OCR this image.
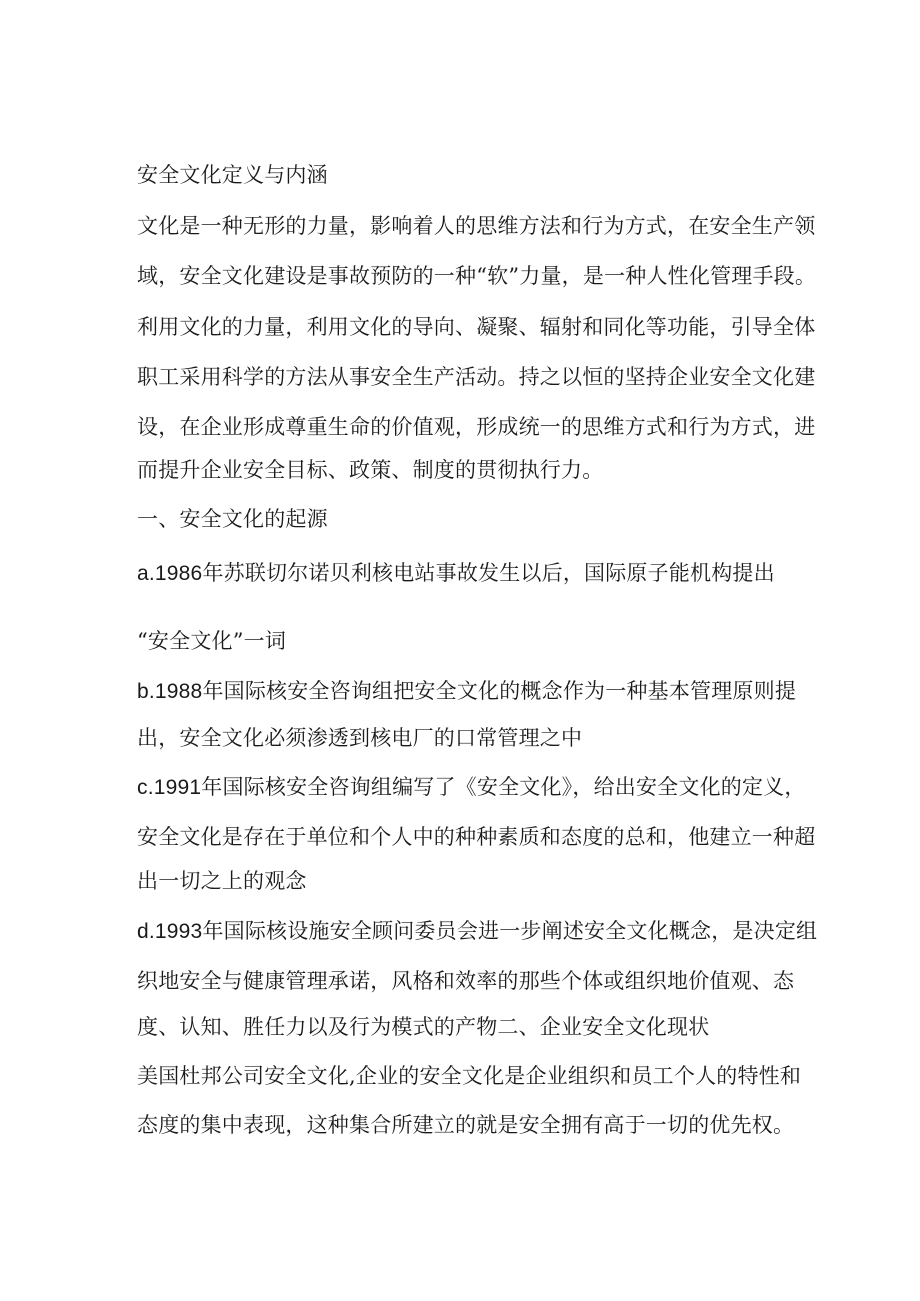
安全文化定义与内涵
文化是一种无形的力量，影响着人的思维方法和行为方式，在安全生产领
域，安全文化建设是事故预防的一种“软”力量，是一种人性化管理手段。
利用文化的力量，利用文化的导向、凝聚、辐射和同化等功能，引导全体
职工采用科学的方法从事安全生产活动。持之以恒的坚持企业安全文化建
设，在企业形成尊重生命的价值观，形成统一的思维方式和行为方式，进
而提升企业安全目标、政策、制度的贯彻执行力。
一、安全文化的起源
a.1986年苏联切尔诺贝利核电站事故发生以后，国际原子能机构提出
“安全文化”一词
b.1988年国际核安全咨询组把安全文化的概念作为一种基本管理原则提
出，安全文化必须渗透到核电厂的口常管理之中
c.1991年国际核安全咨询组编写了《安全文化》，给出安全文化的定义，
安全文化是存在于单位和个人中的种种素质和态度的总和，他建立一种超
出一切之上的观念
d.1993年国际核设施安全顾问委员会进一步阐述安全文化概念，是决定组
织地安全与健康管理承诺，风格和效率的那些个体或组织地价值观、态
度、认知、胜任力以及行为模式的产物二、企业安全文化现状
美国杜邦公司安全文化,企业的安全文化是企业组织和员工个人的特性和
态度的集中表现，这种集合所建立的就是安全拥有高于一切的优先权。
